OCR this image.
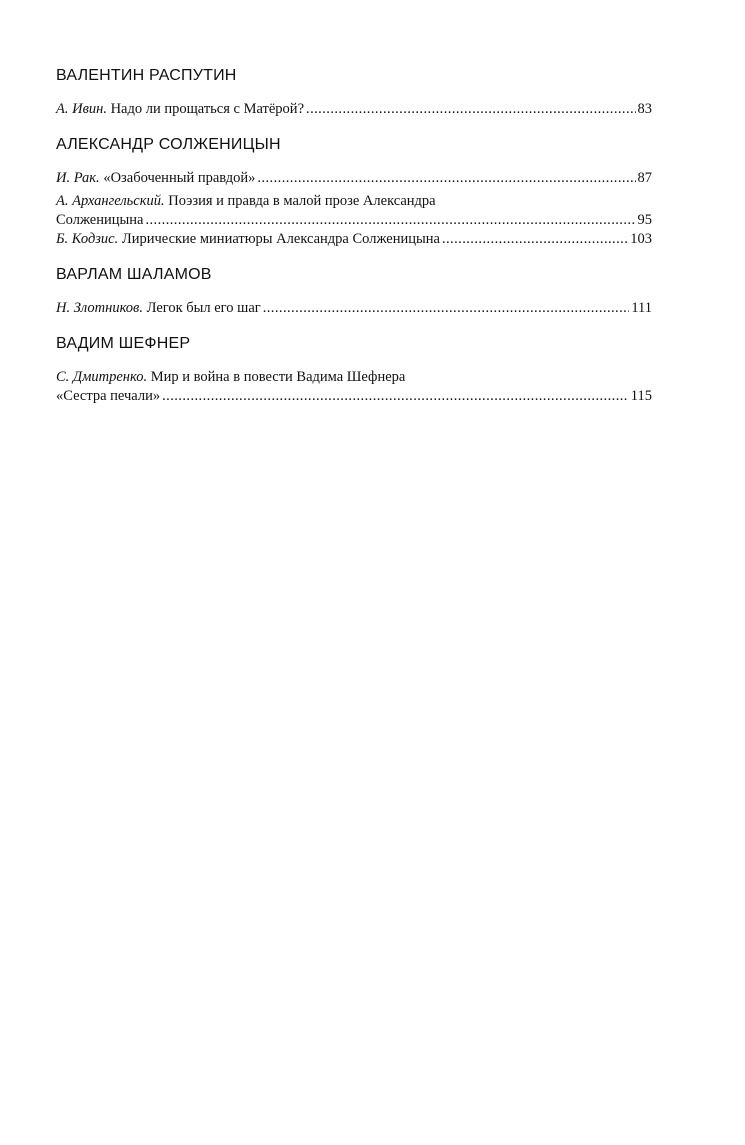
ВАЛЕНТИН РАСПУТИН
А. Ивин. Надо ли прощаться с Матёрой? . . .	83
АЛЕКСАНДР СОЛЖЕНИЦЫН
И. Рак. «Озабоченный правдой» . . .	87
А. Архангельский. Поэзия и правда в малой прозе Александра
Солженицына . . .	95
Б. Кодзис. Лирические миниатюры Александра Солженицына . . .	103
ВАРЛАМ ШАЛАМОВ
Н. Злотников. Легок был его шаг . . .	111
ВАДИМ ШЕФНЕР
С. Дмитренко. Мир и война в повести Вадима Шефнера
«Сестра печали» . . .	115
